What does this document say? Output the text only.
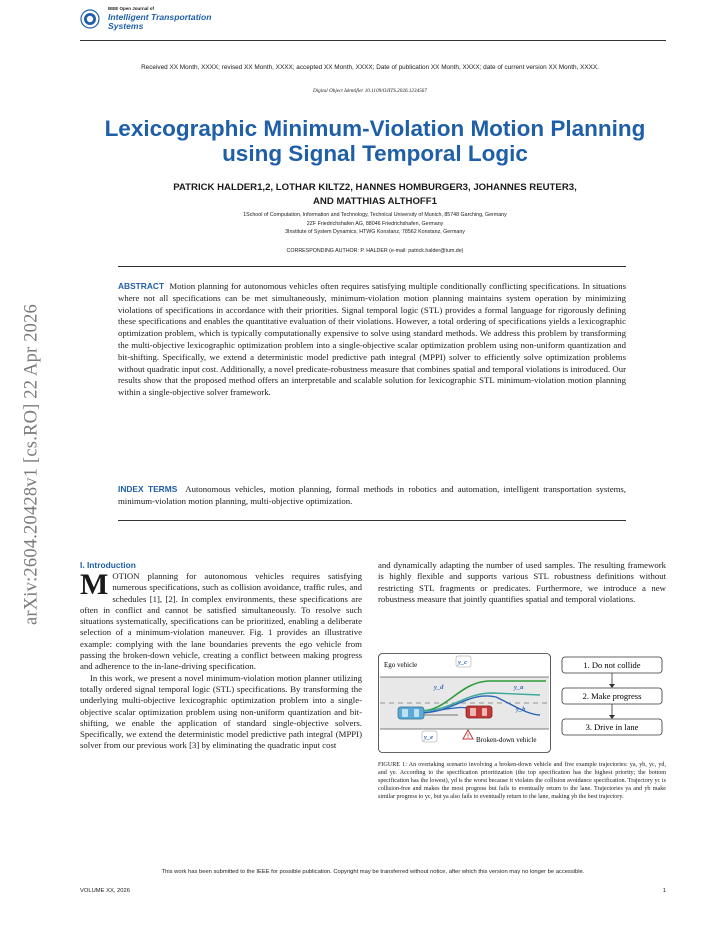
IEEE Open Journal of
Intelligent Transportation
Systems
Received XX Month, XXXX; revised XX Month, XXXX; accepted XX Month, XXXX; Date of publication XX Month, XXXX; date of current version XX Month, XXXX.
Digital Object Identifier 10.1109/OJITS.2026.1234567
Lexicographic Minimum-Violation Motion Planning using Signal Temporal Logic
PATRICK HALDER1,2, LOTHAR KILTZ2, HANNES HOMBURGER3, JOHANNES REUTER3,
AND MATTHIAS ALTHOFF1
1School of Computation, Information and Technology, Technical University of Munich, 85748 Garching, Germany
2ZF Friedrichshafen AG, 88046 Friedrichshafen, Germany
3Institute of System Dynamics, HTWG Konstanz, 78562 Konstanz, Germany
CORRESPONDING AUTHOR: P. HALDER (e-mail: patrick.halder@tum.de)
ABSTRACT Motion planning for autonomous vehicles often requires satisfying multiple conditionally conflicting specifications. In situations where not all specifications can be met simultaneously, minimum-violation motion planning maintains system operation by minimizing violations of specifications in accordance with their priorities. Signal temporal logic (STL) provides a formal language for rigorously defining these specifications and enables the quantitative evaluation of their violations. However, a total ordering of specifications yields a lexicographic optimization problem, which is typically computationally expensive to solve using standard methods. We address this problem by transforming the multi-objective lexicographic optimization problem into a single-objective scalar optimization problem using non-uniform quantization and bit-shifting. Specifically, we extend a deterministic model predictive path integral (MPPI) solver to efficiently solve optimization problems without quadratic input cost. Additionally, a novel predicate-robustness measure that combines spatial and temporal violations is introduced. Our results show that the proposed method offers an interpretable and scalable solution for lexicographic STL minimum-violation motion planning within a single-objective solver framework.
INDEX TERMS Autonomous vehicles, motion planning, formal methods in robotics and automation, intelligent transportation systems, minimum-violation motion planning, multi-objective optimization.
arXiv:2604.20428v1 [cs.RO] 22 Apr 2026	I. Introduction

MOTION planning for autonomous vehicles requires satisfying numerous specifications, such as collision avoidance, traffic rules, and schedules [1], [2]. In complex environments, these specifications are often in conflict and cannot be satisfied simultaneously. To resolve such situations systematically, specifications can be prioritized, enabling a deliberate selection of a minimum-violation maneuver. Fig. 1 provides an illustrative example: complying with the lane boundaries prevents the ego vehicle from passing the broken-down vehicle, creating a conflict between making progress and adherence to the in-lane-driving specification.

In this work, we present a novel minimum-violation motion planner utilizing totally ordered signal temporal logic (STL) specifications. By transforming the underlying multi-objective lexicographic optimization problem into a single-objective scalar optimization problem using non-uniform quantization and bit-shifting, we enable the application of standard single-objective solvers. Specifically, we extend the deterministic model predictive path integral (MPPI) solver from our previous work [3] by eliminating the quadratic input cost

and dynamically adapting the number of used samples. The resulting framework is highly flexible and supports various STL robustness definitions without restricting STL fragments or predicates. Furthermore, we introduce a new robustness measure that jointly quantifies spatial and temporal violations.

!
Ego vehicle
Broken-down vehicle
y_c
y_d	y_a
y_b
y_e
1. Do not collide
2. Make progress
3. Drive in lane
FIGURE 1: An overtaking scenario involving a broken-down vehicle and five example trajectories: ya, yb, yc, yd, and ye. According to the specification prioritization (the top specification has the highest priority; the bottom specification has the lowest), yd is the worst because it violates the collision avoidance specification. Trajectory yc is collision-free and makes the most progress but fails to eventually return to the lane. Trajectories ya and yb make similar progress to yc, but ya also fails to eventually return to the lane, making yb the best trajectory.
This work has been submitted to the IEEE for possible publication. Copyright may be transferred without notice, after which this version may no longer be accessible.
VOLUME XX, 2026	1
